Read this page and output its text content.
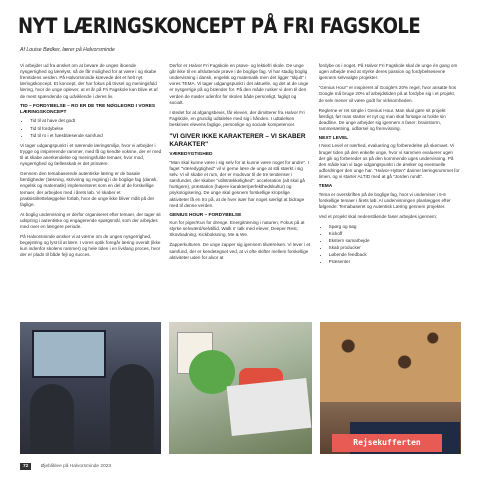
NYT LÆRINGSKONCEPT PÅ FRI FAGSKOLE
Af Louise Bødker, lærer på Halvorsminde

Vi arbejder ud fra ønsket om at bevare de unges iboende nysgerrighed og lærelyst, så de får mulighed for at være i og skabe fremtidens verden. På Halvorsminde krævede det et helt nyt læringskoncept. Et koncept, der har fokus på trivsel og meningsfuld læring, hvor de unge oplever, at et år på Fri Fagskole kan blive et af de mest spændende og udviklende i deres liv.

TID – FORDYBELSE – RO ER DE TRE NØGLEORD I VORES LÆRINGSKONCEPT
• Tid til at have det godt
• Tid til fordybelse
• Tid til ro i et hæsblæsende samfund

Vi tager udgangspunkt i et nærende læringsmiljø, hvor vi arbejder i trygge og inspirerende rammer, med få og kendte voksne, der er med til at skabe anerkendelse og meningsfulde temaer, hvor mod, nysgerrighed og fællesskab er det primære.

Gennem den temabaserede autentiske læring er de basale færdigheder (læsning, skrivning og regning) i de boglige fag (dansk, engelsk og matematik) implementeret som en del af de forskellige temaer, der arbejdes med i årets løb. Vi skaber et praksistilrettelæggelse forløb, hvor de unge ikke bliver målt på det faglige.

At boglig undervisning er derfor organiseret efter temaer, der tager sit udspring i autentiske og engagerende spørgsmål, som der arbejdes med over en længere periode.

På Halvorsminde ønsker vi at værne om de unges nysgerrighed, begejstring og lyst til at lære. I vores optik foregår læring overalt (ikke kun indenfor skolens rammer) og hele tiden i en livslang proces, hvor der er plads til både fejl og succes.

Derfor er Halvor Fri Fagskole en prøve- og lektiefri skole. De unge går ikke til en afsluttende prøve i de boglige fag. Vi har stadig boglig undervisning i dansk, engelsk og matematik men det ligger "skjult" i vores TEMA. Vi tager udgangspunkt i det aktuelle, og det at de unge er nysgerrige på og brænder for. På den måde rusker vi dem til den verden de møder udenfor for skolen både personligt, fagligt og socialt.

I stedet for at afgangsbevis, får eleven, der dimitterer fra Halvor Fri Fagskole, en grundig udtalelse med sig i hånden. I udtalelsen beskrives elevens faglige, personlige og sociale kompetencer.

"VI GIVER IKKE KARAKTERER – VI SKABER KARAKTER"
VÆREDYGTIGHED

"Man skal kunne være i sig selv for at kunne være noget for andre". I faget "Væredygtighed" vil vi gerne lære de unge at stå stærkt i sig selv. Vi vil skabe et rum, der er modsvar til de tre tendenser i samfundet, der skaber "utilstrækkelighed": acceleration (alt skal gå hurtigere), præstation (højere karakter/perfekthedskultur) og psykologisering. De unge skal gennem forskellige kropslige aktiviteter få en tro på, at de hver især har noget særligt at bidrage med til denne verden.

GENIUS HOUR – FORDYBELSE

Kun for piger/Kun for drenge. Energitræning i naturen, Fokus på at styrke selvværd/selvtillid. Walk n' talk med elever, Deeper Rest, Skovbadning, Kickboksning, Me & We.

Zapperkulturen. De unge zapper sig igennem tilværelsen. Vi lever i et samfund, der er kendetegnet ved, at vi ofte skifter mellem forskellige aktiviteter uden for alvor at

fordybe os i noget. På Halvor Fri Fagskole skal de unge én gang om ugen arbejde med at styrke deres passion og fordybelsesevne igennem selvvalgte projekter.

"Genius Hour" er inspireret af Google's 20% regel, hvor ansatte hos Google må bruge 20% af arbejdstiden på at fordybe sig i et projekt, de selv mener vil være godt for virksomheden.

Reglerne er ret simple i Genius Hour. Man skal gøre sit projekt færdigt, før man starter et nyt og man skal forsøge at holde sin deadline. De unge arbejder sig igennem 4 faser: brainstorm, rammesætning, udførsel og fremvisning.

NEXT LEVEL

I Next Level er nærhed, evaluering og forberedelse på skemaet. Vi bruger tiden på den enkelte unge, hvor vi sammen evaluerer ugen der gik og forbereder os på den kommende uges undervisning. På den måde kan vi tage udgangspunkt i de ønsker og eventuelle udfordringer den unge har. "Halvor-Hytten" danner læringsrummet for timen, og vi starter ALTID med at gå "Jorden rundt".

TEMA

Tema er overskriften på de boglige fag, hvor vi underviser i 5-6 forskellige temaer i årets løb. Al undervisningen planlægges efter følgende: Temabaseret og Autentisk Læring gennem projekter.

Ved et projekt skal nedenstående faser arbejdes igennem:

• Spørg og søg
• Kickoff
• Ekstern samarbejde
• Skab producker
• Løbende feedback
• Præsenter
Rejsekufferten
72	Øjebliklee på Halvorsminde 2023
